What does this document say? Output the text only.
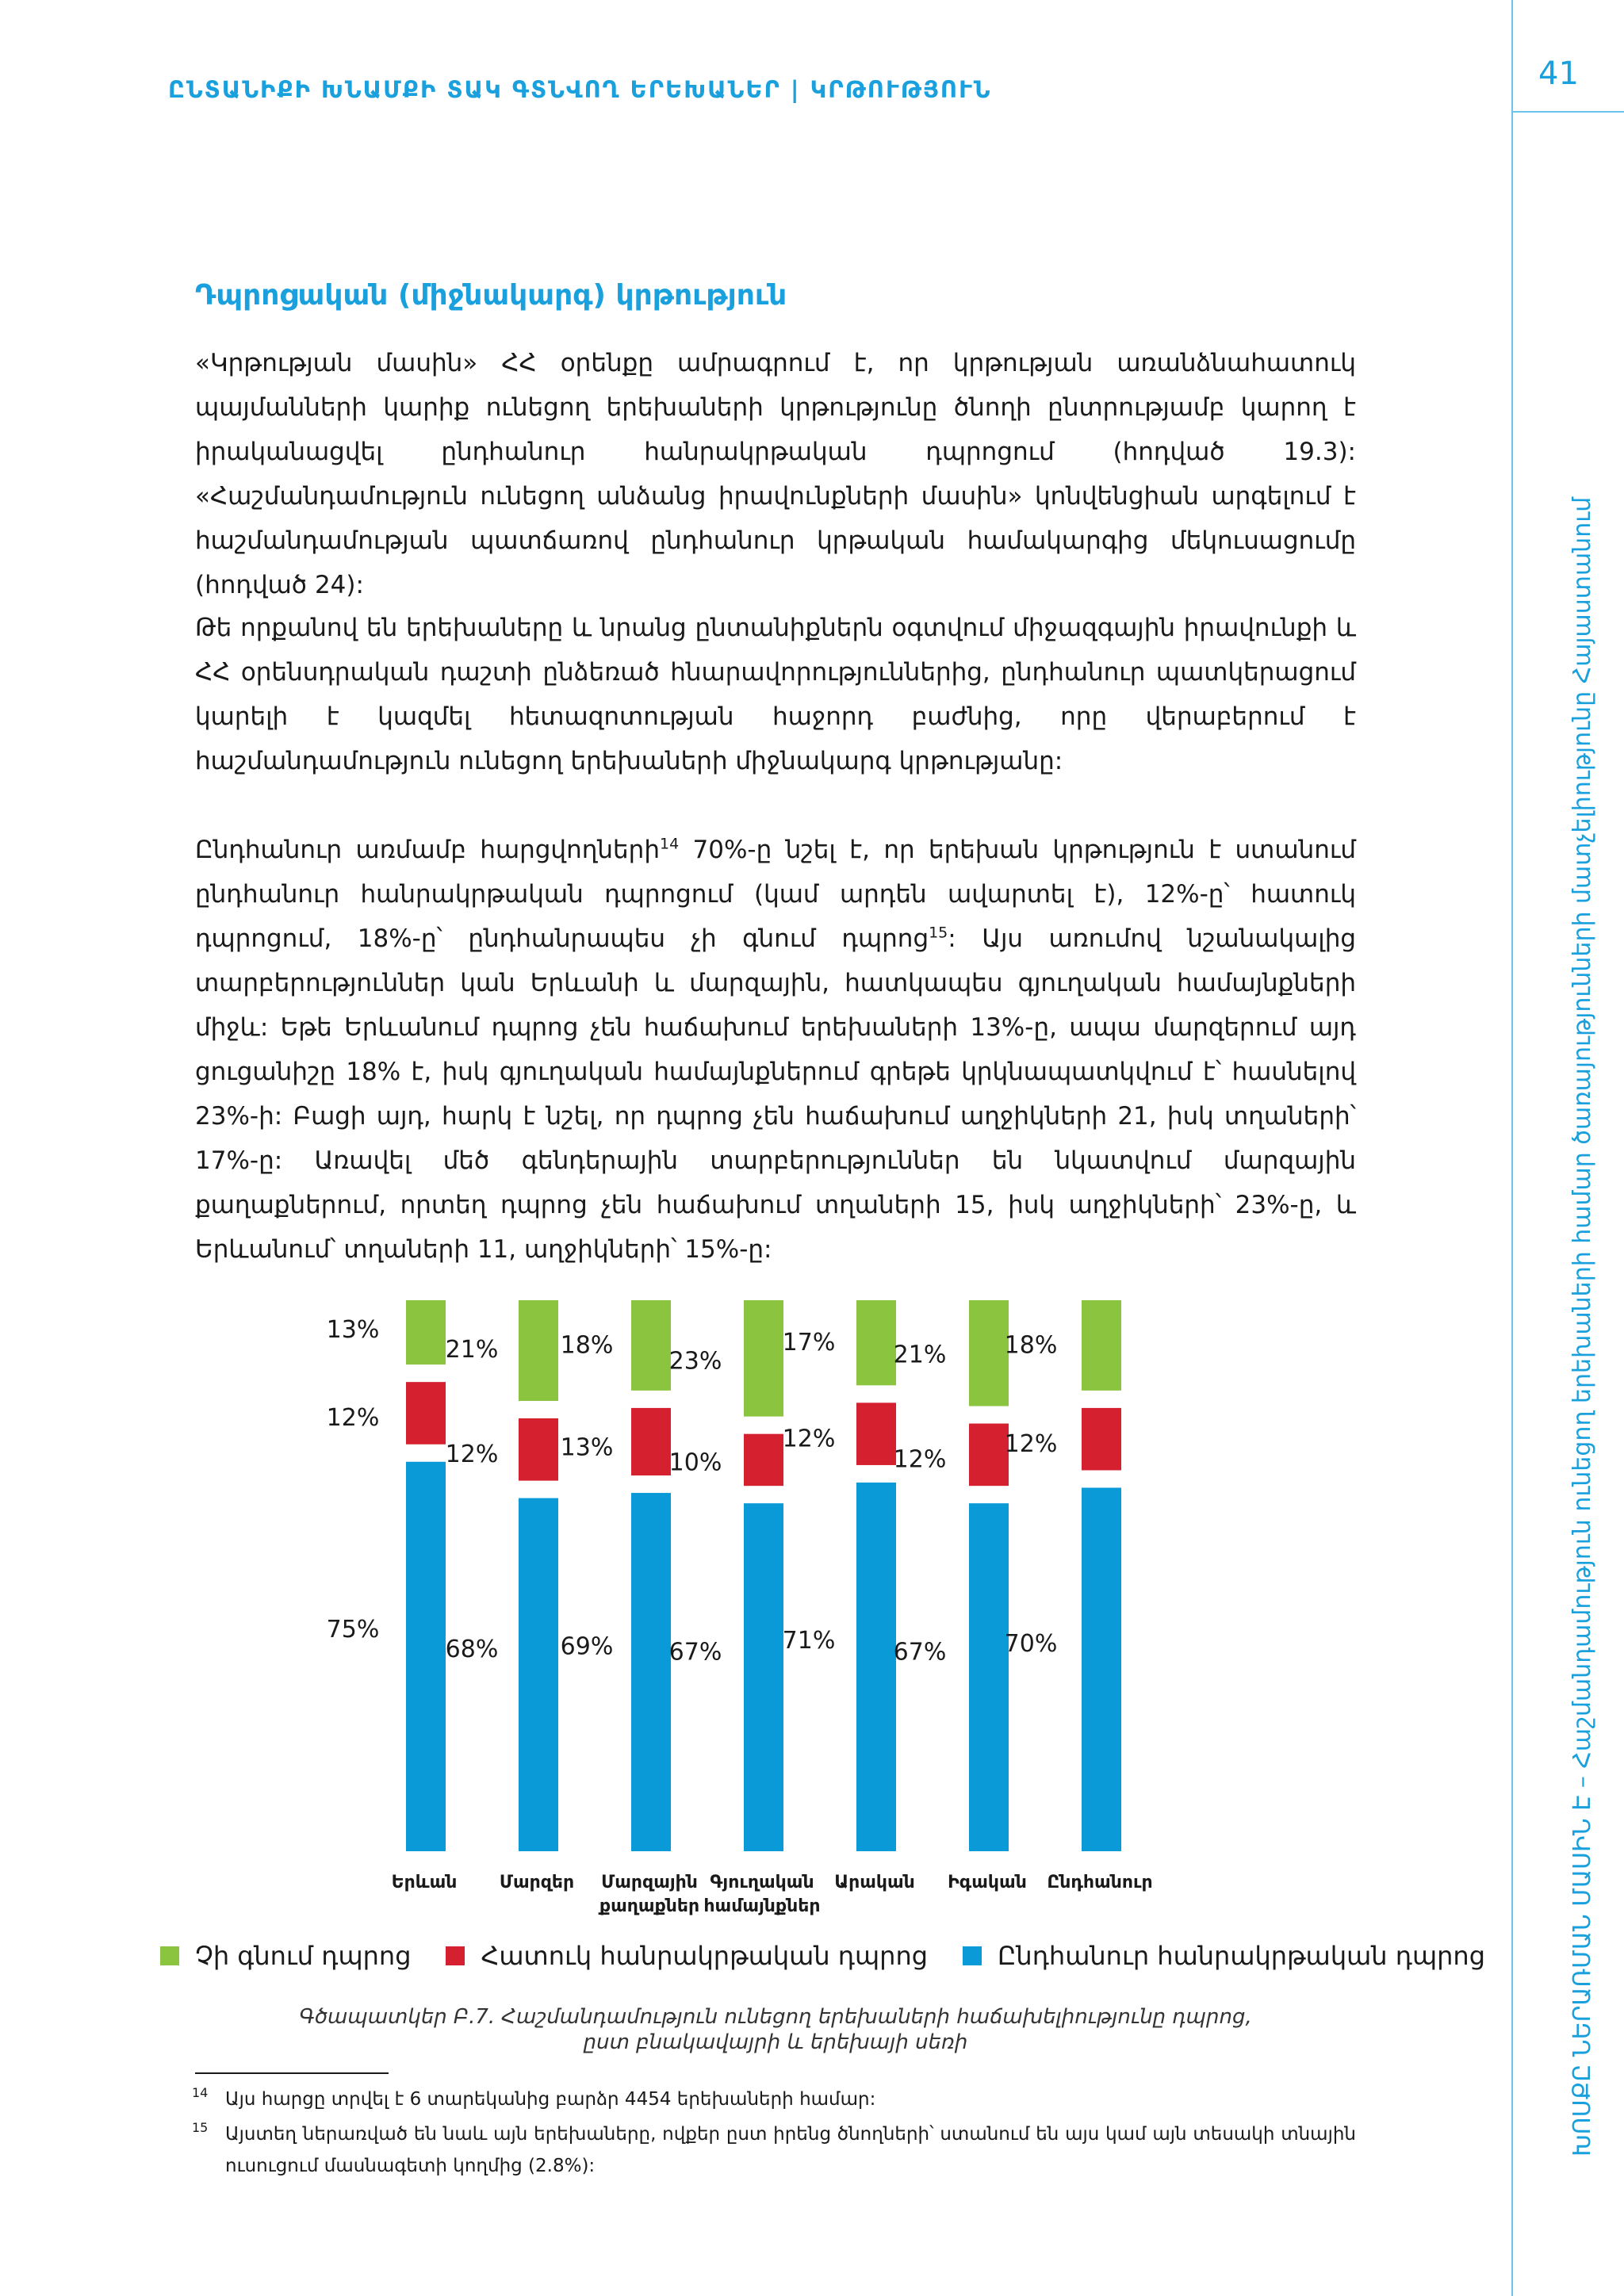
ԸՆՏԱՆԻՔԻ ԽՆԱՄՔԻ ՏԱԿ ԳՏՆՎՈՂ ԵՐԵԽԱՆԵՐ | ԿՐԹՈՒԹՅՈՒՆ	41
ԽՈՍՔԸ ՆԵՐԱՌՄԱՆ ՄԱՍԻՆ Է – Հաշմանդամություն ունեցող երեխաների համար ծառայությունների մատչելիությունը Հայաստանում
Դպրոցական (միջնակարգ) կրթություն

«Կրթության մասին» ՀՀ օրենքը ամրագրում է, որ կրթության առանձնահատուկ պայմանների կարիք ունեցող երեխաների կրթությունը ծնողի ընտրությամբ կարող է իրականացվել ընդհանուր հանրակրթական դպրոցում (հոդված 19.3): «Հաշմանդամություն ունեցող անձանց իրավունքների մասին» կոնվենցիան արգելում է հաշմանդամության պատճառով ընդհանուր կրթական համակարգից մեկուսացումը (հոդված 24):

Թե որքանով են երեխաները և նրանց ընտանիքներն օգտվում միջազգային իրավունքի և ՀՀ օրենսդրական դաշտի ընձեռած հնարավորություններից, ընդհանուր պատկերացում կարելի է կազմել հետազոտության հաջորդ բաժնից, որը վերաբերում է հաշմանդամություն ունեցող երեխաների միջնակարգ կրթությանը:

Ընդհանուր առմամբ հարցվողների$^{14}$ 70%-ը նշել է, որ երեխան կրթություն է ստանում ընդհանուր հանրակրթական դպրոցում (կամ արդեն ավարտել է), 12%-ը՝ հատուկ դպրոցում, 18%-ը՝ ընդհանրապես չի գնում դպրոց$^{15}$: Այս առումով նշանակալից տարբերություններ կան Երևանի և մարզային, հատկապես գյուղական համայնքների միջև: Եթե Երևանում դպրոց չեն հաճախում երեխաների 13%-ը, ապա մարզերում այդ ցուցանիշը 18% է, իսկ գյուղական համայնքներում գրեթե կրկնապատկվում է՝ հասնելով 23%-ի: Բացի այդ, հարկ է նշել, որ դպրոց չեն հաճախում աղջիկների 21, իսկ տղաների՝ 17%-ը: Առավել մեծ գենդերային տարբերություններ են նկատվում մարզային քաղաքներում, որտեղ դպրոց չեն հաճախում տղաների 15, իսկ աղջիկների՝ 23%-ը, և Երևանում՝ տղաների 11, աղջիկների՝ 15%-ը:

75%
12%
13%
Երևան
68%
12%
21%
Մարզեր
69%
13%
18%
Մարզային
քաղաքներ
67%
10%
23%
Գյուղական
համայնքներ
71%
12%
17%
Արական
67%
12%
21%
Իգական
70%
12%
18%
Ընդհանուր
Չի գնում դպրոց	Հատուկ հանրակրթական դպրոց	Ընդհանուր հանրակրթական դպրոց
Գծապատկեր Բ.7. Հաշմանդամություն ունեցող երեխաների հաճախելիությունը դպրոց,
ըստ բնակավայրի և երեխայի սեռի
14 Այս հարցը տրվել է 6 տարեկանից բարձր 4454 երեխաների համար:
15 Այստեղ ներառված են նաև այն երեխաները, ովքեր ըստ իրենց ծնողների՝ ստանում են այս կամ այն տեսակի տնային ուսուցում մասնագետի կողմից (2.8%):
